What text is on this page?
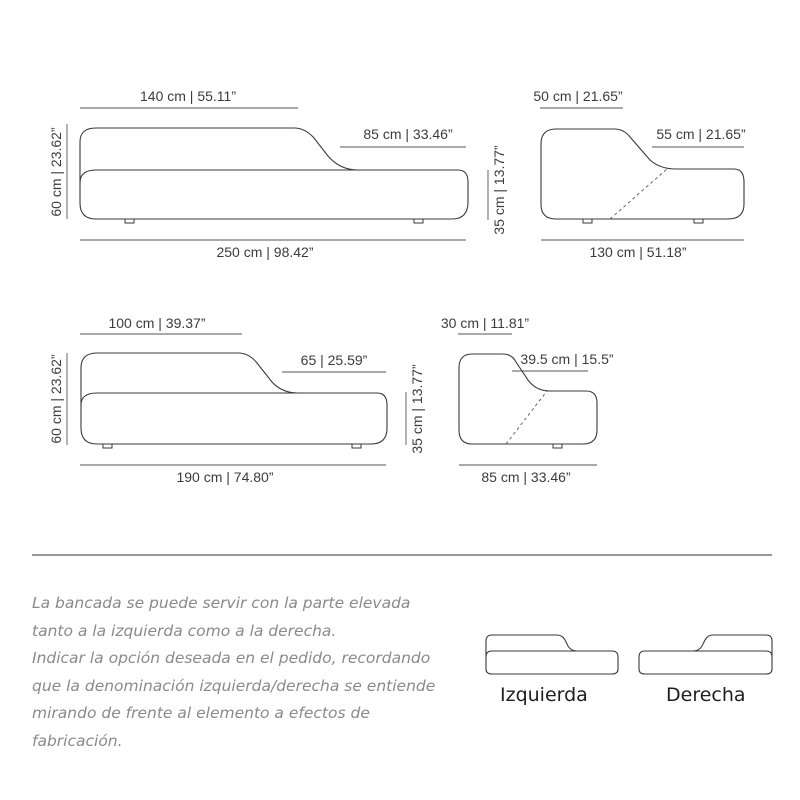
140 cm | 55.11”
85 cm | 33.46”
60 cm | 23.62”
250 cm | 98.42”
50 cm | 21.65”
55 cm | 21.65”
35 cm | 13.77”
130 cm | 51.18”
100 cm | 39.37”
65 | 25.59”
60 cm | 23.62”
190 cm | 74.80”
30 cm | 11.81”
39.5 cm | 15.5”
35 cm | 13.77”
85 cm | 33.46”

La bancada se puede servir con la parte elevada
tanto a la izquierda como a la derecha.
Indicar la opción deseada en el pedido, recordando
que la denominación izquierda/derecha se entiende
mirando de frente al elemento a efectos de
fabricación.

Izquierda	Derecha
